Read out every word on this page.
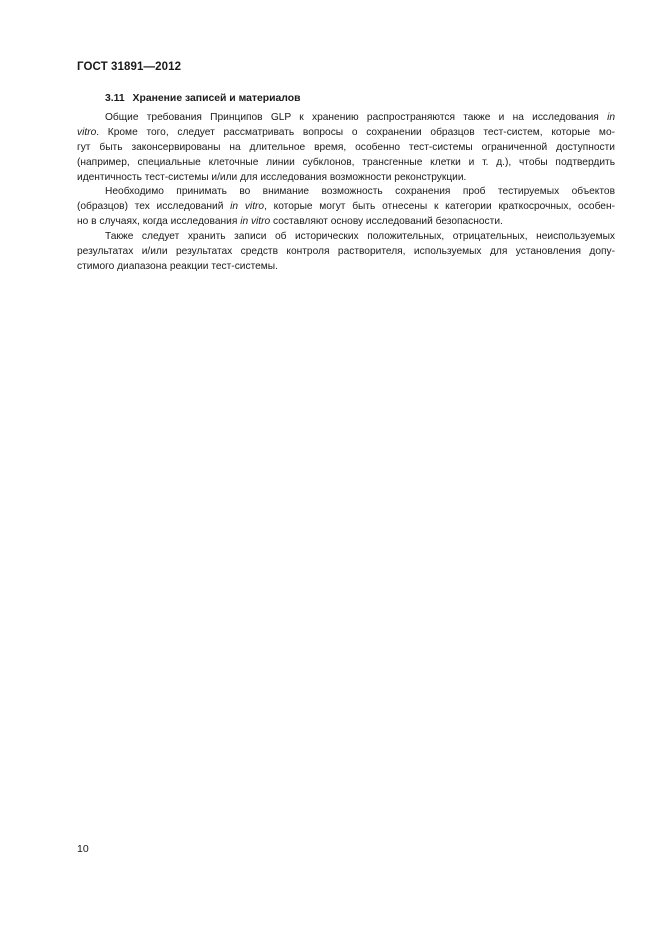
ГОСТ 31891—2012
3.11 Хранение записей и материалов
Общие требования Принципов GLP к хранению распространяются также и на исследования in
vitro. Кроме того, следует рассматривать вопросы о сохранении образцов тест-систем, которые мо-
гут быть законсервированы на длительное время, особенно тест-системы ограниченной доступности
(например, специальные клеточные линии субклонов, трансгенные клетки и т. д.), чтобы подтвердить
идентичность тест-системы и/или для исследования возможности реконструкции.
Необходимо принимать во внимание возможность сохранения проб тестируемых объектов
(образцов) тех исследований in vitro, которые могут быть отнесены к категории краткосрочных, особен-
но в случаях, когда исследования in vitro составляют основу исследований безопасности.
Также следует хранить записи об исторических положительных, отрицательных, неиспользуемых
результатах и/или результатах средств контроля растворителя, используемых для установления допу-
стимого диапазона реакции тест-системы.
10
